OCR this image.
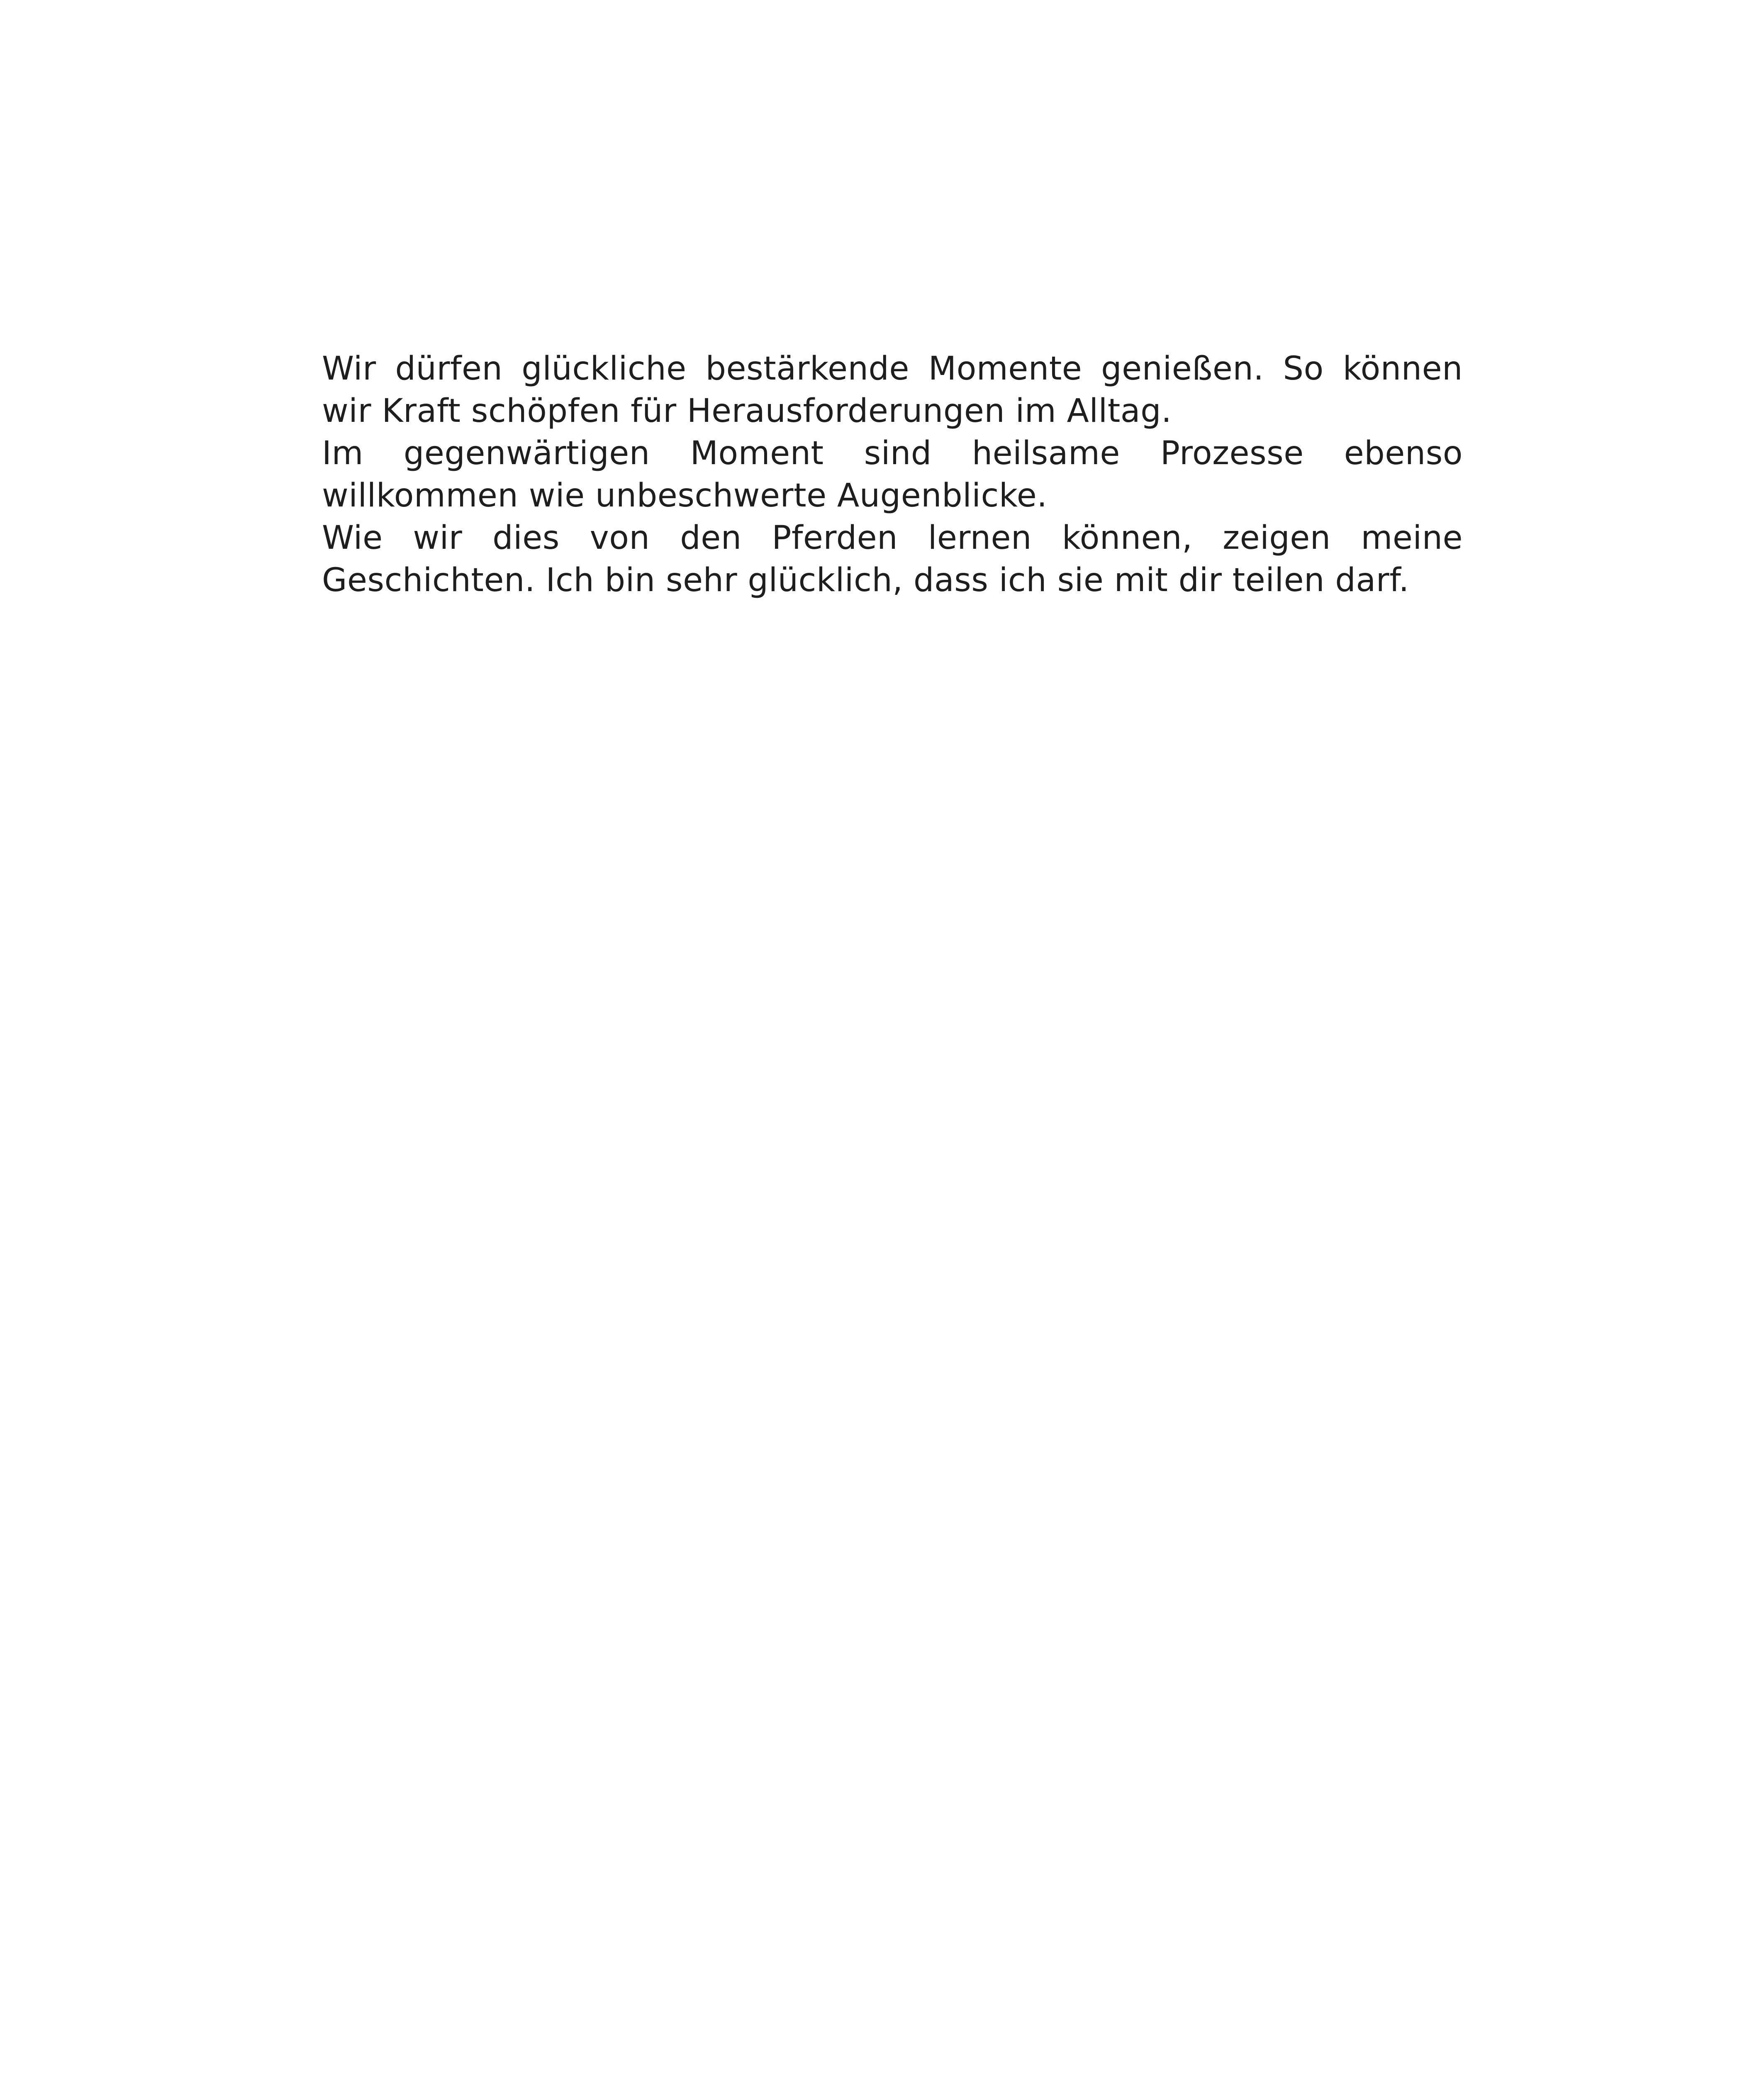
Wir dürfen glückliche bestärkende Momente genießen. So können wir Kraft schöpfen für Herausforderungen im Alltag.

Im gegenwärtigen Moment sind heilsame Prozesse ebenso willkommen wie unbeschwerte Augenblicke.

Wie wir dies von den Pferden lernen können, zeigen meine Geschichten. Ich bin sehr glücklich, dass ich sie mit dir teilen darf.
